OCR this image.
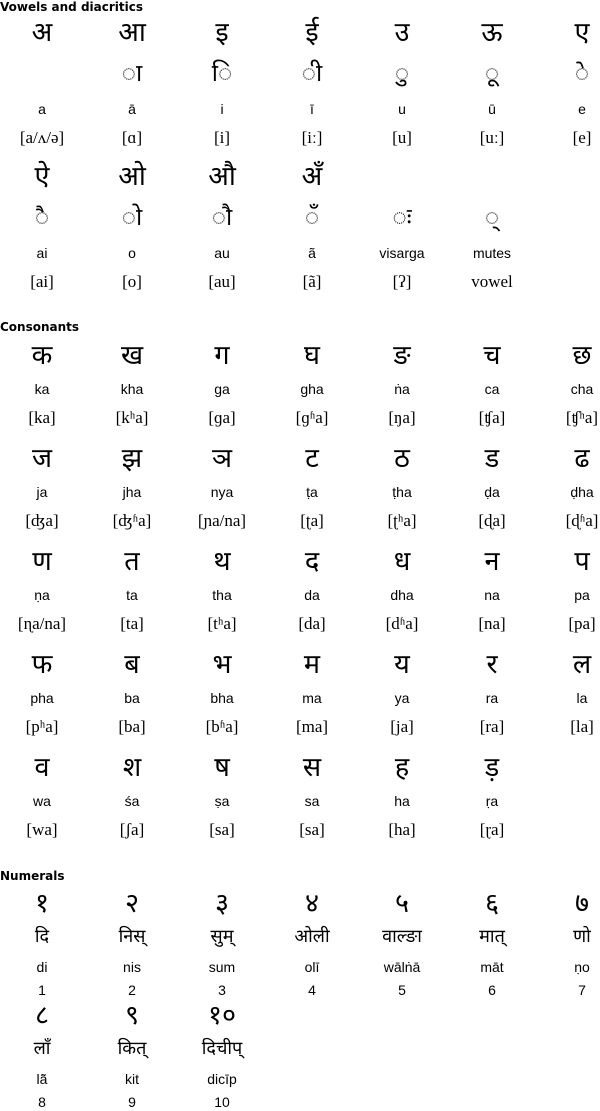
Vowels and diacritics
अ
a
[a/ʌ/ə]
आ
◌ा
ā
[ɑ]
इ
◌ि
i
[i]
ई
◌ी
ī
[iː]
उ
◌ु
u
[u]
ऊ
◌ू
ū
[uː]
ए
◌े
e
[e]
ऐ
◌ै
ai
[ai]
ओ
◌ो
o
[o]
औ
◌ौ
au
[au]
अँ
◌ँ
ã
[ã]
◌ः
visarga
[ʔ]
◌्
mutes
vowel
Consonants
क
ka
[ka]
ख
kha
[kʰa]
ग
ga
[ɡa]
घ
gha
[ɡʱa]
ङ
ṅa
[ŋa]
च
ca
[ʧa]
छ
cha
[ʧʰa]
ज
ja
[ʤa]
झ
jha
[ʤʱa]
ञ
nya
[ɲa/na]
ट
ṭa
[ʈa]
ठ
ṭha
[ʈʰa]
ड
ḍa
[ɖa]
ढ
ḍha
[ɖʱa]
ण
ṇa
[ɳa/na]
त
ta
[ta]
थ
tha
[tʰa]
द
da
[da]
ध
dha
[dʱa]
न
na
[na]
प
pa
[pa]
फ
pha
[pʰa]
ब
ba
[ba]
भ
bha
[bʱa]
म
ma
[ma]
य
ya
[ja]
र
ra
[ra]
ल
la
[la]
व
wa
[wa]
श
śa
[ʃa]
ष
ṣa
[sa]
स
sa
[sa]
ह
ha
[ha]
ड़
ṛa
[ɽa]
Numerals
१
दि
di
1
२
निस्
nis
2
३
सुम्
sum
3
४
ओली
olī
4
५
वाल्ङा
wālṅā
5
६
मात्
māt
6
७
णो
ṇo
7
८
लाँ
lā̃
8
९
कित्
kit
9
१०
दिचीप्
dicīp
10
